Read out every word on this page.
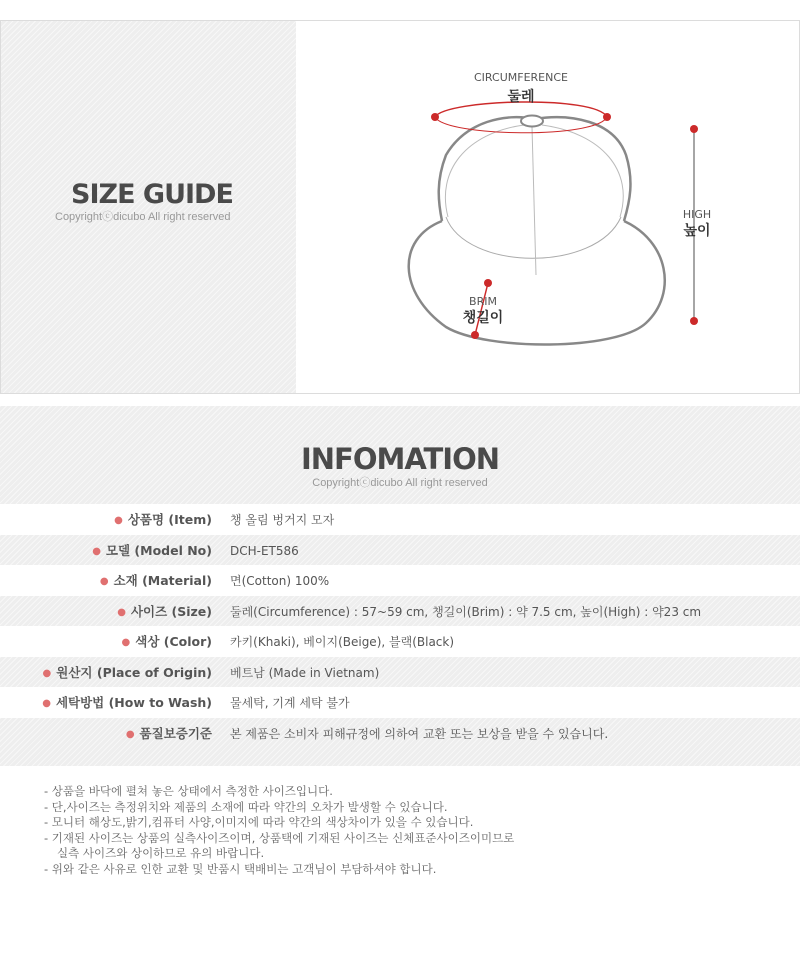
SIZE GUIDE
Copyrightⓒdicubo All right reserved
CIRCUMFERENCE
둘레
HIGH
높이
BRIM
챙길이
INFOMATION
Copyrightⓒdicubo All right reserved
● 상품명 (Item) 챙 올림 벙거지 모자
● 모델 (Model No) DCH-ET586
● 소재 (Material) 면(Cotton) 100%
● 사이즈 (Size) 둘레(Circumference) : 57~59 cm, 챙길이(Brim) : 약 7.5 cm, 높이(High) : 약23 cm
● 색상 (Color) 카키(Khaki), 베이지(Beige), 블랙(Black)
● 원산지 (Place of Origin) 베트남 (Made in Vietnam)
● 세탁방법 (How to Wash) 물세탁, 기계 세탁 불가
● 품질보증기준 본 제품은 소비자 피해규정에 의하여 교환 또는 보상을 받을 수 있습니다.
- 상품을 바닥에 펼쳐 놓은 상태에서 측정한 사이즈입니다.
- 단,사이즈는 측정위치와 제품의 소재에 따라 약간의 오차가 발생할 수 있습니다.
- 모니터 해상도,밝기,컴퓨터 사양,이미지에 따라 약간의 색상차이가 있을 수 있습니다.
- 기재된 사이즈는 상품의 실측사이즈이며, 상품택에 기재된 사이즈는 신체표준사이즈이미므로
실측 사이즈와 상이하므로 유의 바랍니다.
- 위와 같은 사유로 인한 교환 및 반품시 택배비는 고객님이 부담하셔야 합니다.
